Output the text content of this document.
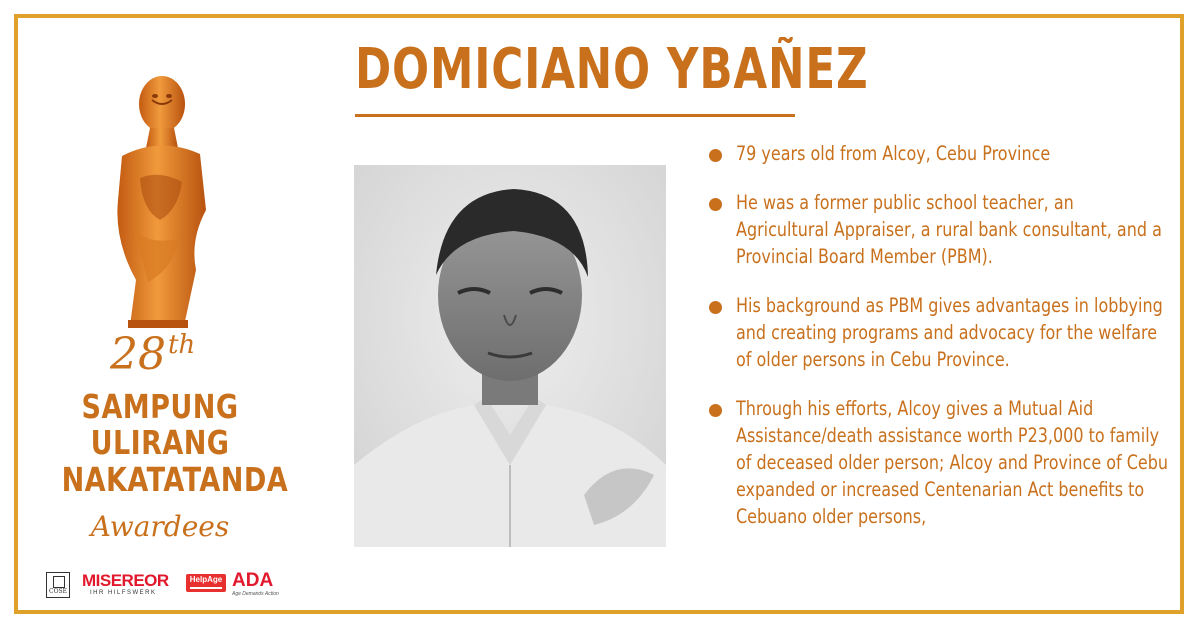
28th
SAMPUNG
ULIRANG
NAKATATANDA
Awardees
COSE
MISEREOR
IHR HILFSWERK
HelpAge ADA
Age Demands Action
DOMICIANO YBAÑEZ
79 years old from Alcoy, Cebu Province
He was a former public school teacher, an Agricultural Appraiser, a rural bank consultant, and a Provincial Board Member (PBM).
His background as PBM gives advantages in lobbying and creating programs and advocacy for the welfare of older persons in Cebu Province.
Through his efforts, Alcoy gives a Mutual Aid Assistance/death assistance worth P23,000 to family of deceased older person; Alcoy and Province of Cebu expanded or increased Centenarian Act benefits to Cebuano older persons,
